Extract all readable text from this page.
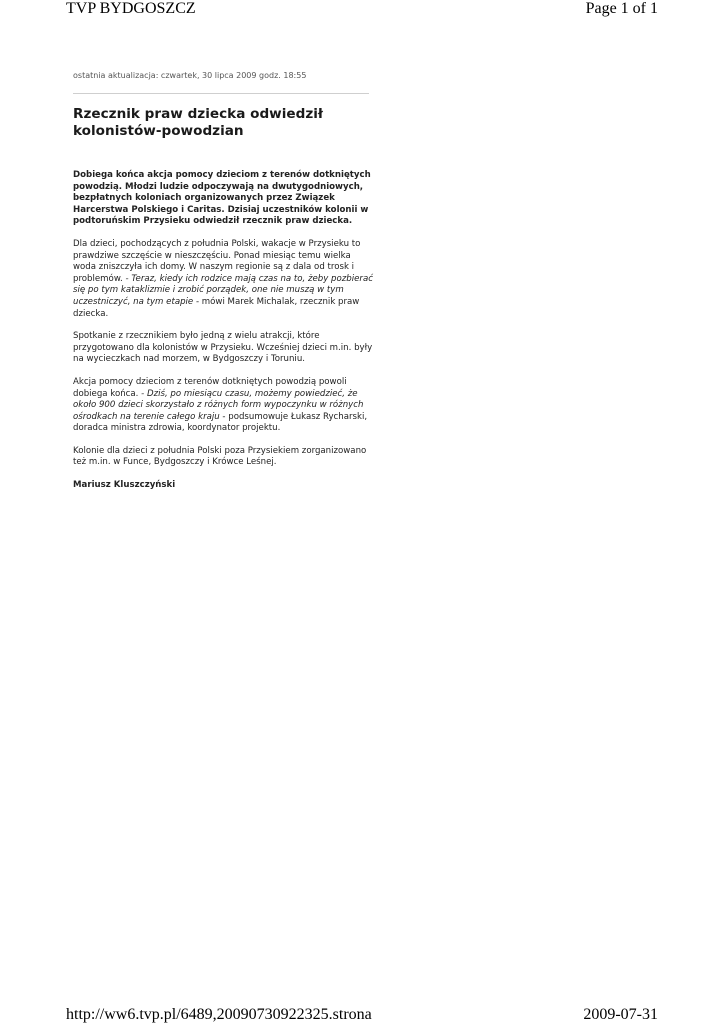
TVP BYDGOSZCZ	Page 1 of 1
ostatnia aktualizacja: czwartek, 30 lipca 2009 godz. 18:55
Rzecznik praw dziecka odwiedził kolonistów-powodzian

Dobiega końca akcja pomocy dzieciom z terenów dotkniętych powodzią. Młodzi ludzie odpoczywają na dwutygodniowych, bezpłatnych koloniach organizowanych przez Związek Harcerstwa Polskiego i Caritas. Dzisiaj uczestników kolonii w podtoruńskim Przysieku odwiedził rzecznik praw dziecka.

Dla dzieci, pochodzących z południa Polski, wakacje w Przysieku to prawdziwe szczęście w nieszczęściu. Ponad miesiąc temu wielka woda zniszczyła ich domy. W naszym regionie są z dala od trosk i problemów. - Teraz, kiedy ich rodzice mają czas na to, żeby pozbierać się po tym kataklizmie i zrobić porządek, one nie muszą w tym uczestniczyć, na tym etapie - mówi Marek Michalak, rzecznik praw dziecka.

Spotkanie z rzecznikiem było jedną z wielu atrakcji, które przygotowano dla kolonistów w Przysieku. Wcześniej dzieci m.in. były na wycieczkach nad morzem, w Bydgoszczy i Toruniu.

Akcja pomocy dzieciom z terenów dotkniętych powodzią powoli dobiega końca. - Dziś, po miesiącu czasu, możemy powiedzieć, że około 900 dzieci skorzystało z różnych form wypoczynku w różnych ośrodkach na terenie całego kraju - podsumowuje Łukasz Rycharski, doradca ministra zdrowia, koordynator projektu.

Kolonie dla dzieci z południa Polski poza Przysiekiem zorganizowano też m.in. w Funce, Bydgoszczy i Krówce Leśnej.

Mariusz Kluszczyński

http://ww6.tvp.pl/6489,20090730922325.strona	2009-07-31
